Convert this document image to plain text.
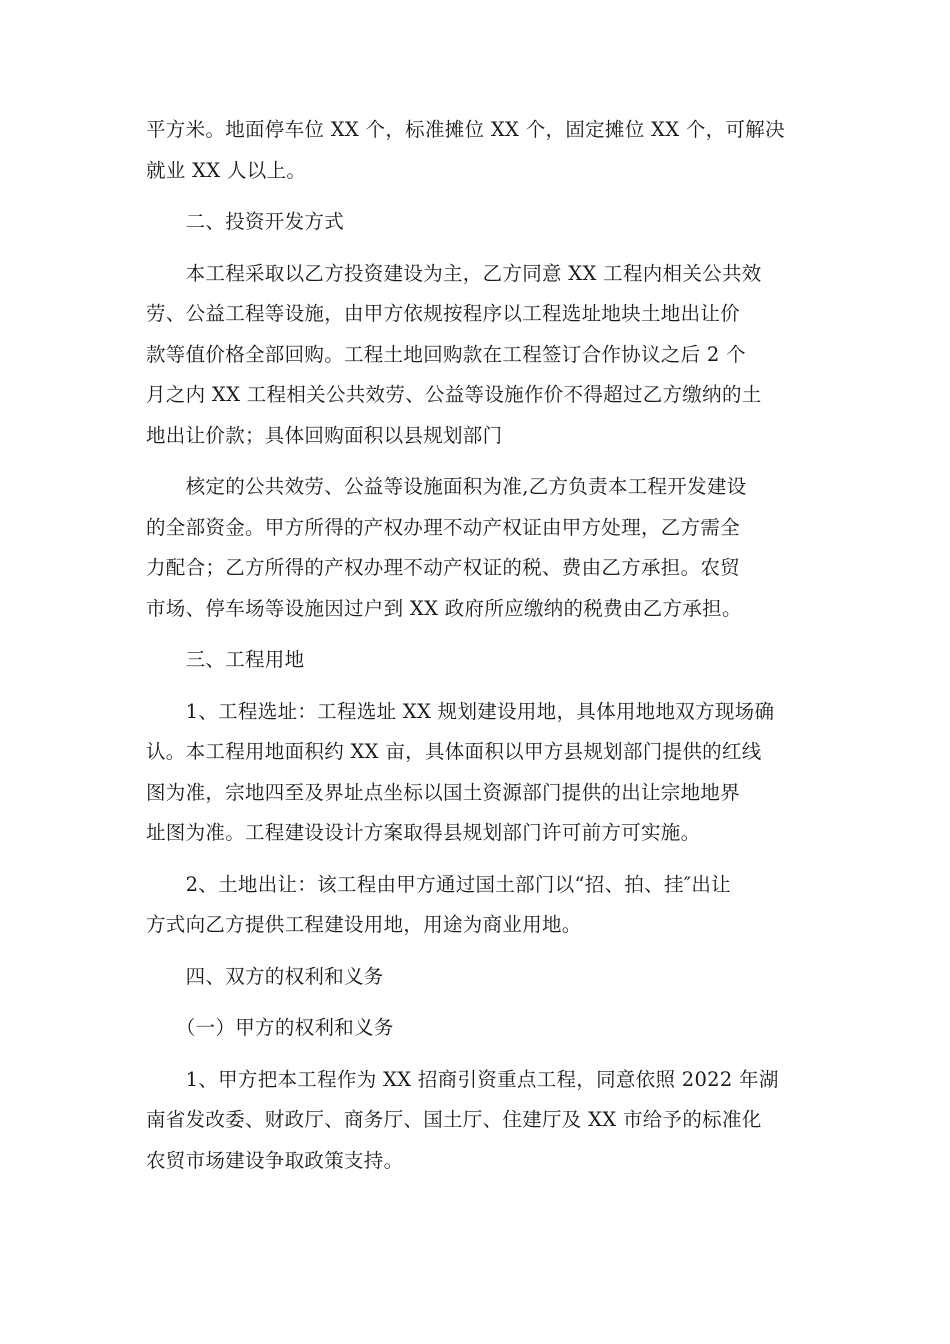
平方米。地面停车位 XX 个，标准摊位 XX 个，固定摊位 XX 个，可解决

就业 XX 人以上。

　　二、投资开发方式

　　本工程采取以乙方投资建设为主，乙方同意 XX 工程内相关公共效

劳、公益工程等设施，由甲方依规按程序以工程选址地块土地出让价

款等值价格全部回购。工程土地回购款在工程签订合作协议之后 2 个

月之内 XX 工程相关公共效劳、公益等设施作价不得超过乙方缴纳的土

地出让价款；具体回购面积以县规划部门

　　核定的公共效劳、公益等设施面积为准,乙方负责本工程开发建设

的全部资金。甲方所得的产权办理不动产权证由甲方处理，乙方需全

力配合；乙方所得的产权办理不动产权证的税、费由乙方承担。农贸

市场、停车场等设施因过户到 XX 政府所应缴纳的税费由乙方承担。

　　三、工程用地

　　1、工程选址：工程选址 XX 规划建设用地，具体用地地双方现场确

认。本工程用地面积约 XX 亩，具体面积以甲方县规划部门提供的红线

图为准，宗地四至及界址点坐标以国土资源部门提供的出让宗地地界

址图为准。工程建设设计方案取得县规划部门许可前方可实施。

　　2、土地出让：该工程由甲方通过国土部门以“招、拍、挂″出让

方式向乙方提供工程建设用地，用途为商业用地。

　　四、双方的权利和义务

　　（一）甲方的权利和义务

　　1、甲方把本工程作为 XX 招商引资重点工程，同意依照 2022 年湖

南省发改委、财政厅、商务厅、国土厅、住建厅及 XX 市给予的标准化

农贸市场建设争取政策支持。
